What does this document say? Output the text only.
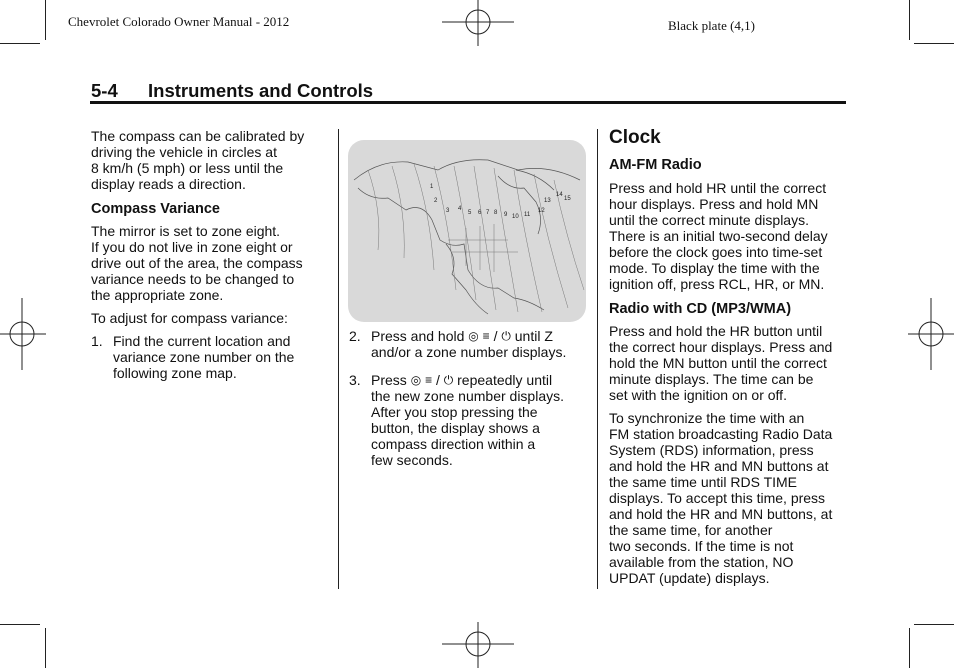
Chevrolet Colorado Owner Manual - 2012	Black plate (4,1)
5-4 Instruments and Controls

The compass can be calibrated by
driving the vehicle in circles at
8 km/h (5 mph) or less until the
display reads a direction.

Compass Variance

The mirror is set to zone eight.
If you do not live in zone eight or
drive out of the area, the compass
variance needs to be changed to
the appropriate zone.

To adjust for compass variance:

1. Find the current location and
variance zone number on the
following zone map.
1
2
3 4
5 6 7 8 9 10 11
12
13
14
15
2. Press and hold ◎ ≡ / ⏻ until Z
and/or a zone number displays.
3. Press ◎ ≡ / ⏻ repeatedly until
the new zone number displays.
After you stop pressing the
button, the display shows a
compass direction within a
few seconds.

Clock

AM-FM Radio

Press and hold HR until the correct
hour displays. Press and hold MN
until the correct minute displays.
There is an initial two-second delay
before the clock goes into time-set
mode. To display the time with the
ignition off, press RCL, HR, or MN.

Radio with CD (MP3/WMA)

Press and hold the HR button until
the correct hour displays. Press and
hold the MN button until the correct
minute displays. The time can be
set with the ignition on or off.

To synchronize the time with an
FM station broadcasting Radio Data
System (RDS) information, press
and hold the HR and MN buttons at
the same time until RDS TIME
displays. To accept this time, press
and hold the HR and MN buttons, at
the same time, for another
two seconds. If the time is not
available from the station, NO
UPDAT (update) displays.
